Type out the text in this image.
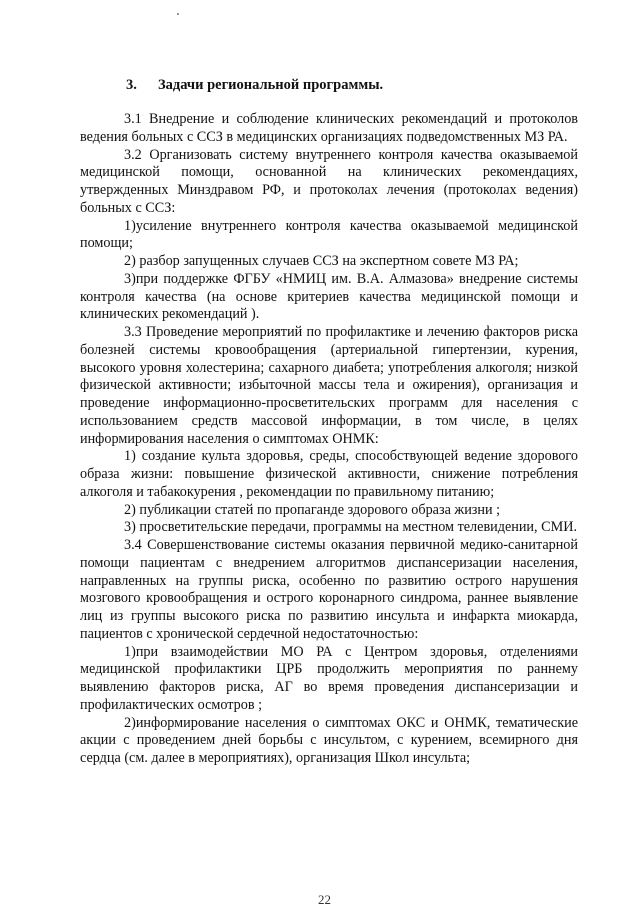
3. Задачи региональной программы.

3.1 Внедрение и соблюдение клинических рекомендаций и протоколов ведения больных с ССЗ в медицинских организациях подведомственных МЗ РА.

3.2 Организовать систему внутреннего контроля качества оказываемой медицинской помощи, основанной на клинических рекомендациях, утвержденных Минздравом РФ, и протоколах лечения (протоколах ведения) больных с ССЗ:

1)усиление внутреннего контроля качества оказываемой медицинской помощи;

2) разбор запущенных случаев ССЗ на экспертном совете МЗ РА;

3)при поддержке ФГБУ «НМИЦ им. В.А. Алмазова» внедрение системы контроля качества (на основе критериев качества медицинской помощи и клинических рекомендаций ).

3.3 Проведение мероприятий по профилактике и лечению факторов риска болезней системы кровообращения (артериальной гипертензии, курения, высокого уровня холестерина; сахарного диабета; употребления алкоголя; низкой физической активности; избыточной массы тела и ожирения), организация и проведение информационно-просветительских программ для населения с использованием средств массовой информации, в том числе, в целях информирования населения о симптомах ОНМК:

1) создание культа здоровья, среды, способствующей ведение здорового образа жизни: повышение физической активности, снижение потребления алкоголя и табакокурения , рекомендации по правильному питанию;

2) публикации статей по пропаганде здорового образа жизни ;

3) просветительские передачи, программы на местном телевидении, СМИ.

3.4 Совершенствование системы оказания первичной медико-санитарной помощи пациентам с внедрением алгоритмов диспансеризации населения, направленных на группы риска, особенно по развитию острого нарушения мозгового кровообращения и острого коронарного синдрома, раннее выявление лиц из группы высокого риска по развитию инсульта и инфаркта миокарда, пациентов с хронической сердечной недостаточностью:

1)при взаимодействии МО РА с Центром здоровья, отделениями медицинской профилактики ЦРБ продолжить мероприятия по раннему выявлению факторов риска, АГ во время проведения диспансеризации и профилактических осмотров ;

2)информирование населения о симптомах ОКС и ОНМК, тематические акции с проведением дней борьбы с инсультом, с курением, всемирного дня сердца (см. далее в мероприятиях), организация Школ инсульта;

22
